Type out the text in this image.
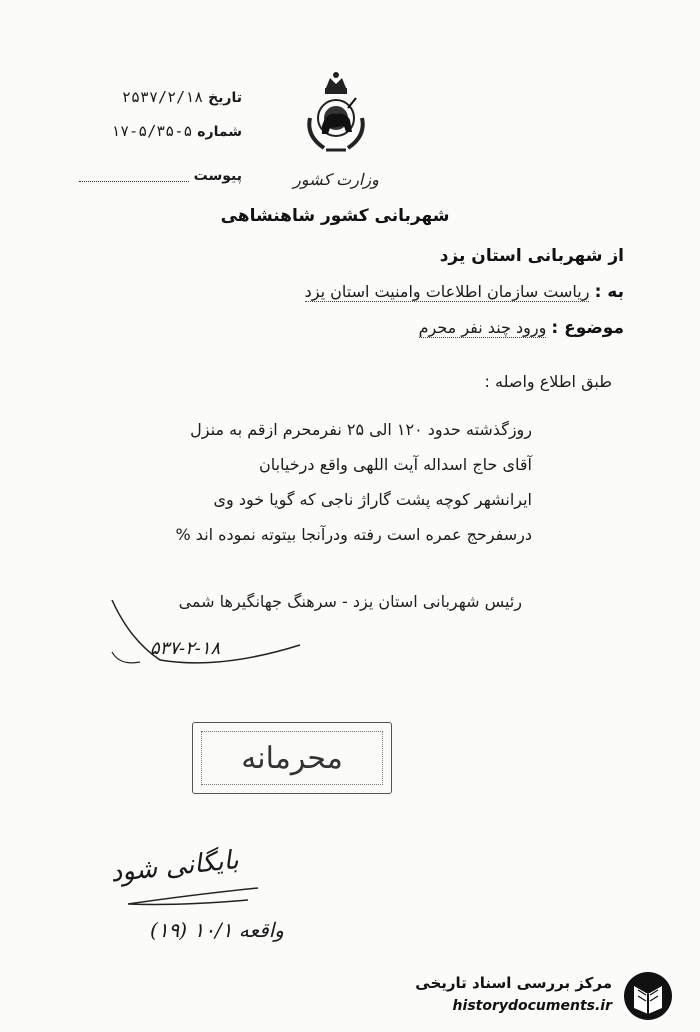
تاریخ ۲۵۳۷/۲/۱۸
شماره ۵-۵/۳۵-۱۷
پیوست	وزارت کشور
شهربانی کشور شاهنشاهی
از شهربانی استان یزد
به : ریاست سازمان اطلاعات وامنیت استان یزد
موضوع : ورود چند نفر محرم
طبق اطلاع واصله :
روزگذشته حدود ۱۲۰ الی ۲۵ نفرمحرم ازقم به منزل
آقای حاج اسداله آیت اللهی واقع درخیابان
ایرانشهر کوچه پشت گاراژ ناجی که گویا خود وی
درسفرحج عمره است رفته ودرآنجا بیتوته نموده اند %
رئیس شهربانی استان یزد - سرهنگ جهانگیرها شمی
۵۳۷-۲-۱۸
محرمانه
بایگانی شود
واقعه ۱۰/۱ (۱۹)
مرکز بررسی اسناد تاریخی
historydocuments.ir
